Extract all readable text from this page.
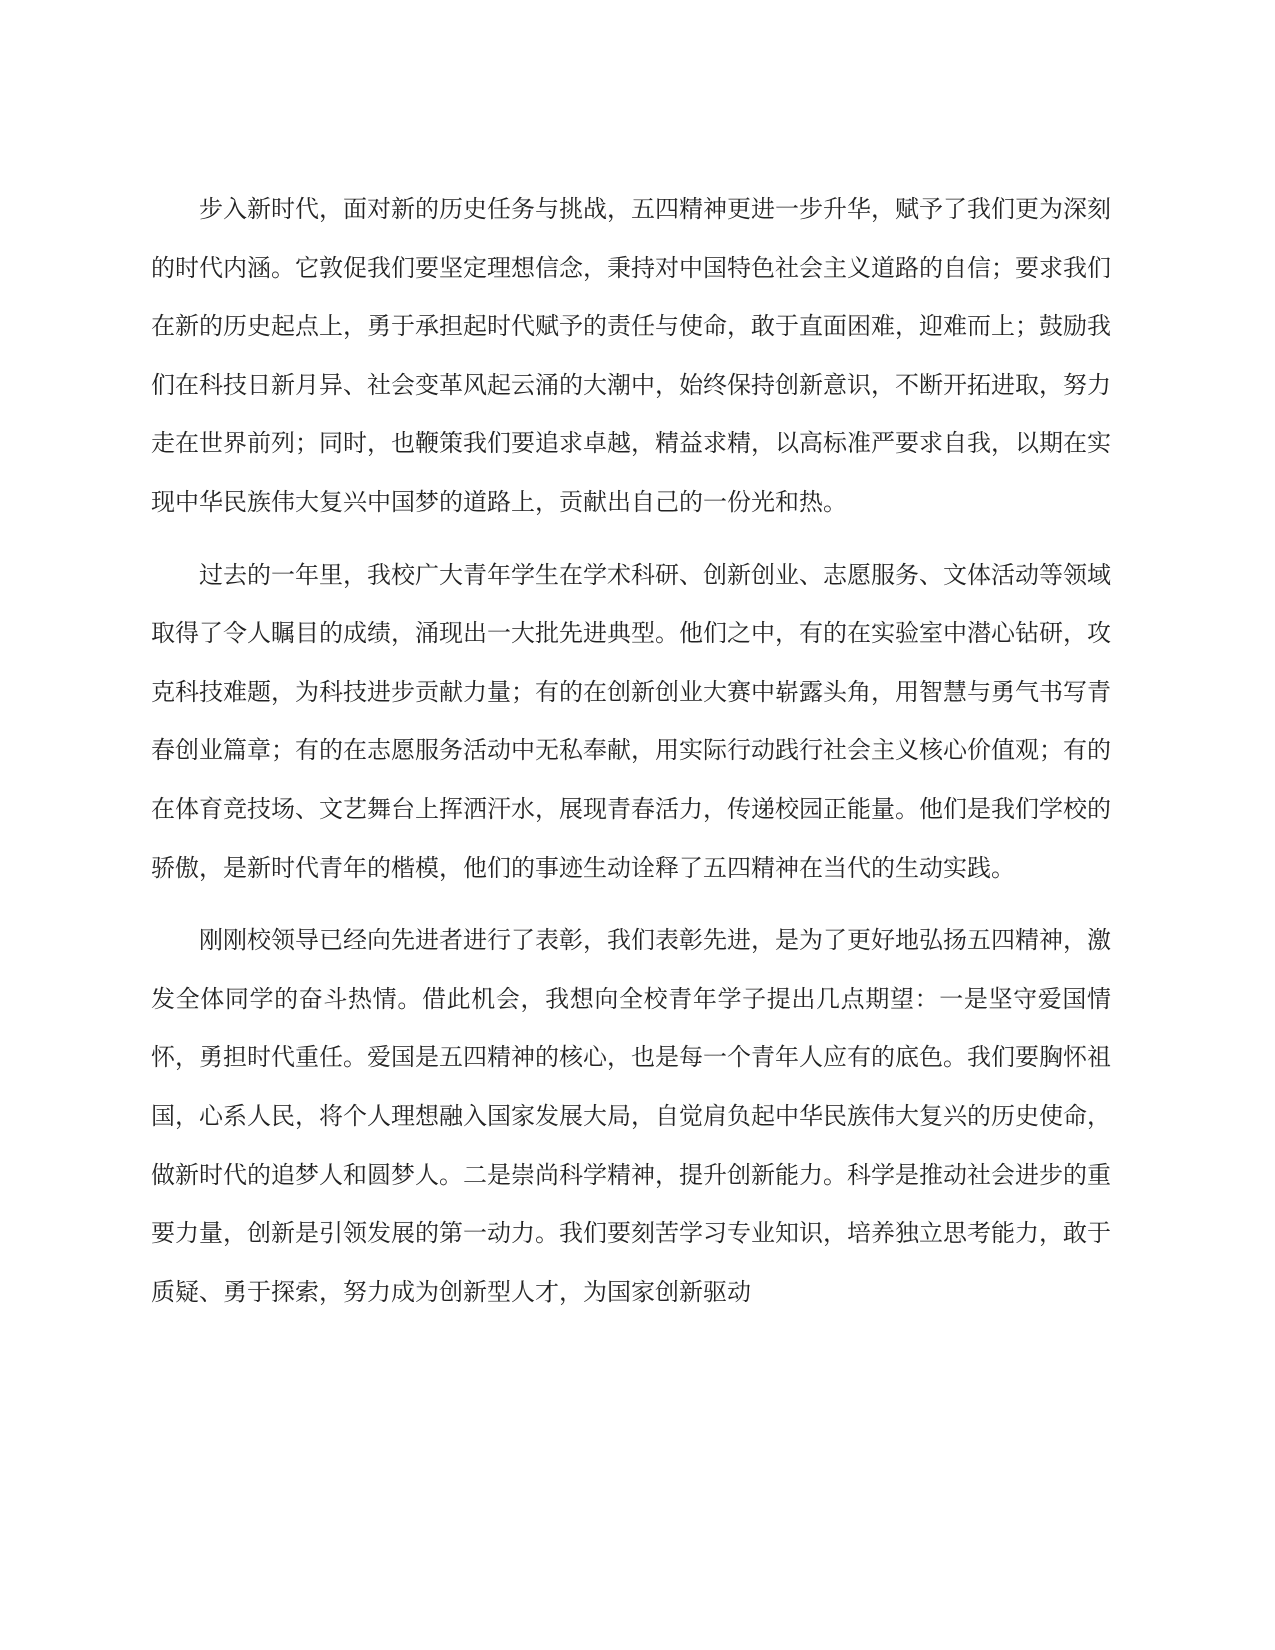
步入新时代，面对新的历史任务与挑战，五四精神更进一步升华，赋予了我们更为深刻的时代内涵。它敦促我们要坚定理想信念，秉持对中国特色社会主义道路的自信；要求我们在新的历史起点上，勇于承担起时代赋予的责任与使命，敢于直面困难，迎难而上；鼓励我们在科技日新月异、社会变革风起云涌的大潮中，始终保持创新意识，不断开拓进取，努力走在世界前列；同时，也鞭策我们要追求卓越，精益求精，以高标准严要求自我，以期在实现中华民族伟大复兴中国梦的道路上，贡献出自己的一份光和热。

过去的一年里，我校广大青年学生在学术科研、创新创业、志愿服务、文体活动等领域取得了令人瞩目的成绩，涌现出一大批先进典型。他们之中，有的在实验室中潜心钻研，攻克科技难题，为科技进步贡献力量；有的在创新创业大赛中崭露头角，用智慧与勇气书写青春创业篇章；有的在志愿服务活动中无私奉献，用实际行动践行社会主义核心价值观；有的在体育竞技场、文艺舞台上挥洒汗水，展现青春活力，传递校园正能量。他们是我们学校的骄傲，是新时代青年的楷模，他们的事迹生动诠释了五四精神在当代的生动实践。

刚刚校领导已经向先进者进行了表彰，我们表彰先进，是为了更好地弘扬五四精神，激发全体同学的奋斗热情。借此机会，我想向全校青年学子提出几点期望：一是坚守爱国情怀，勇担时代重任。爱国是五四精神的核心，也是每一个青年人应有的底色。我们要胸怀祖国，心系人民，将个人理想融入国家发展大局，自觉肩负起中华民族伟大复兴的历史使命，做新时代的追梦人和圆梦人。二是崇尚科学精神，提升创新能力。科学是推动社会进步的重要力量，创新是引领发展的第一动力。我们要刻苦学习专业知识，培养独立思考能力，敢于质疑、勇于探索，努力成为创新型人才，为国家创新驱动
